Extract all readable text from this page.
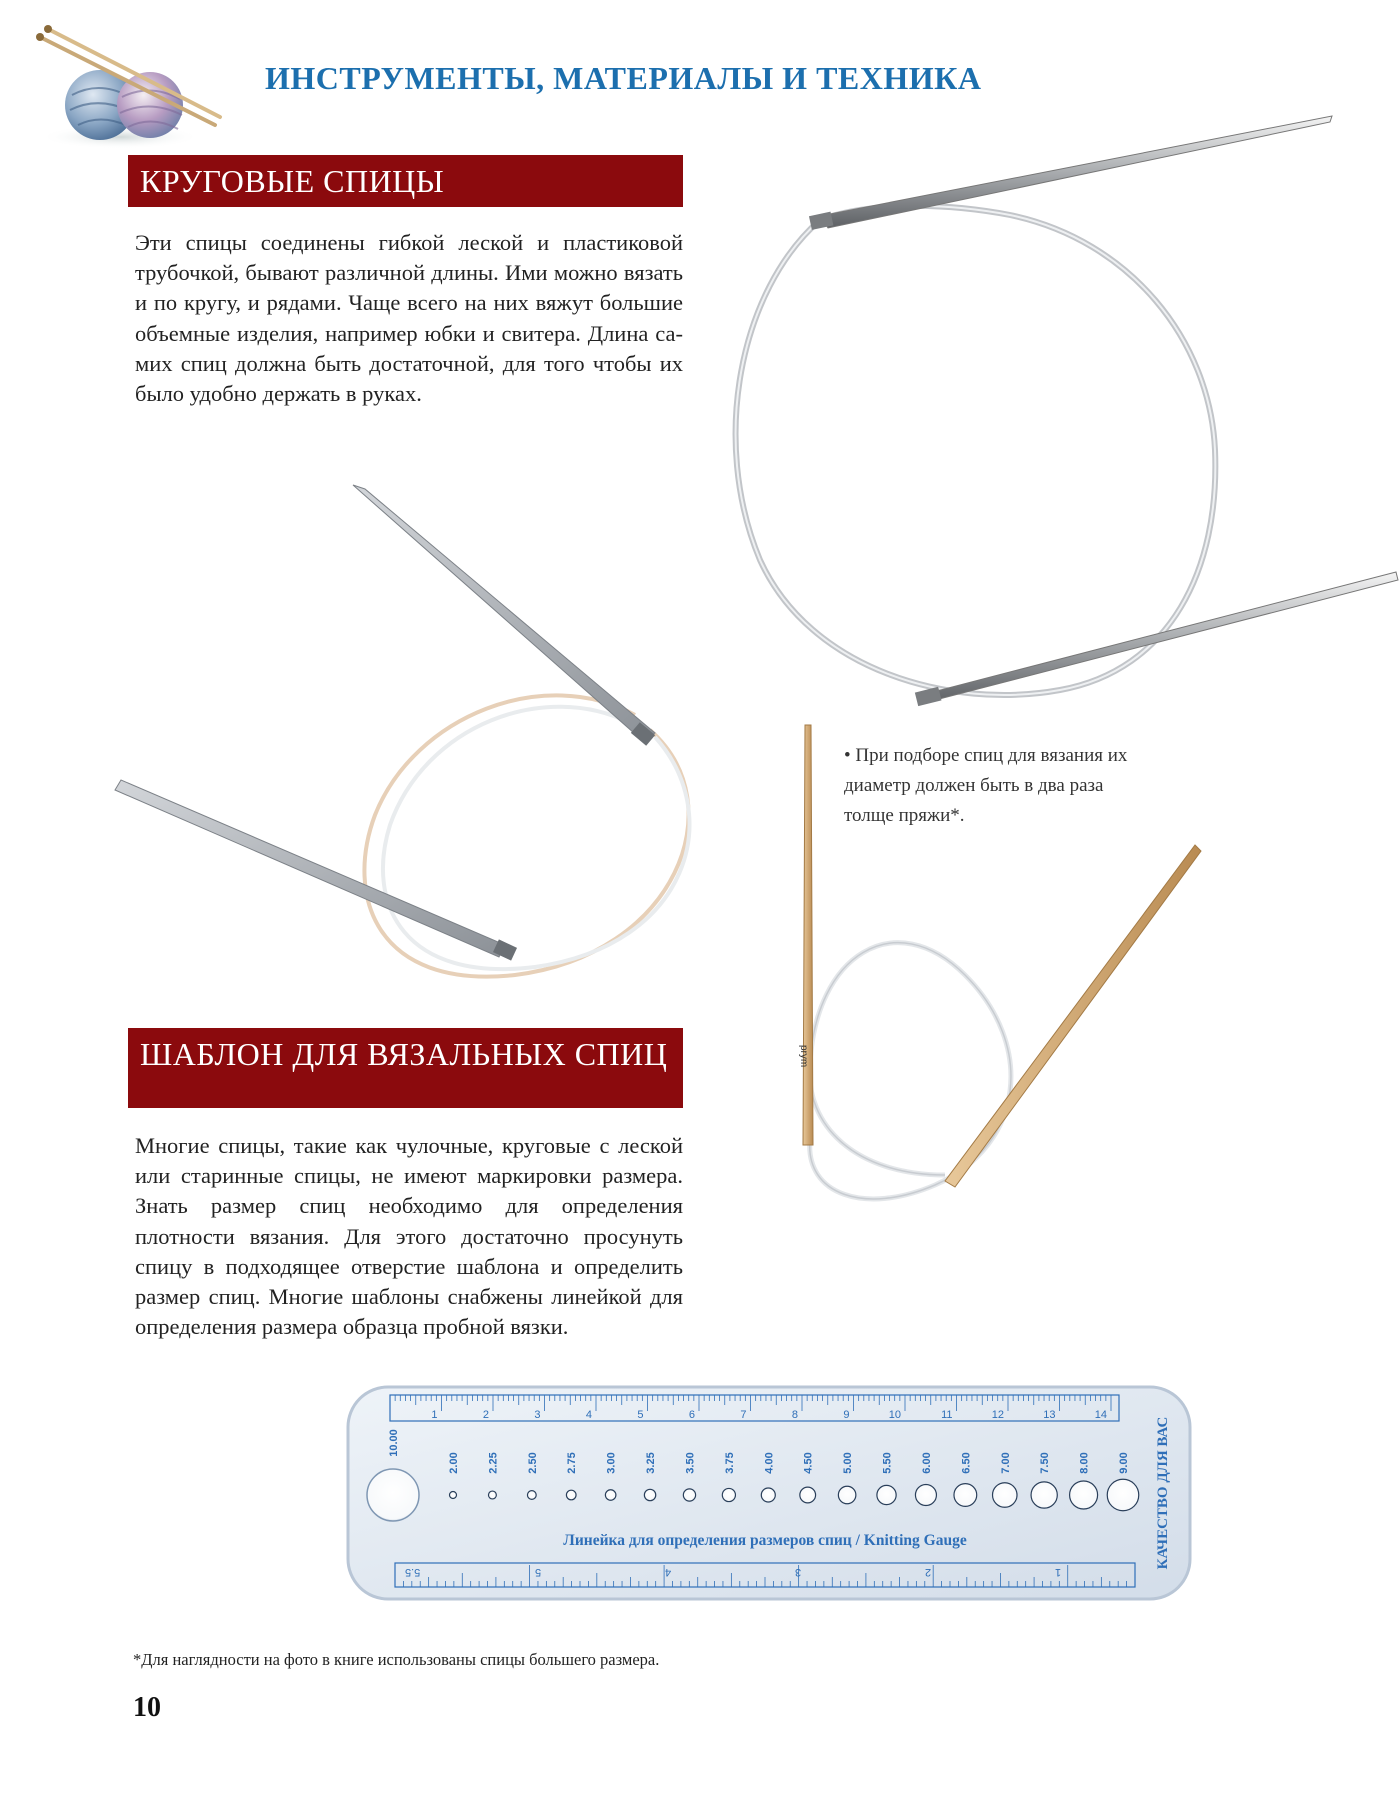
ИНСТРУМЕНТЫ, МАТЕРИАЛЫ И ТЕХНИКА
КРУГОВЫЕ СПИЦЫ
Эти спицы соединены гибкой леской и пластиковой трубочкой, бывают различной длины. Ими можно вязать и по кругу, и рядами. Чаще всего на них вяжут большие объемные изделия, например юбки и свитера. Длина самих спиц должна быть достаточной, для того чтобы их было удобно держать в руках.
prym
• При подборе спиц для вязания их диаметр должен быть в два раза толще пряжи*.
ШАБЛОН ДЛЯ ВЯЗАЛЬНЫХ СПИЦ
Многие спицы, такие как чулочные, круговые с леской или старинные спицы, не имеют маркировки размера. Знать размер спиц необходимо для определения плотности вязания. Для этого достаточно просунуть спицу в подходящее отверстие шаблона и определить размер спиц. Многие шаблоны снабжены линейкой для определения размера образца пробной вязки.
1	2	3	4	5	6	7	8	9	10	11	12	13	14
2.00 2.25 2.50 2.75 3.00 3.25 3.50 3.75 4.00 4.50 5.00 5.50 6.00 6.50 7.00 7.50 8.00 9.00
5.5	5	4	3	2	1
10.00
Линейка для определения размеров спиц / Knitting Gauge	КАЧЕСТВО ДЛЯ ВАС
*Для наглядности на фото в книге использованы спицы большего размера.
10
